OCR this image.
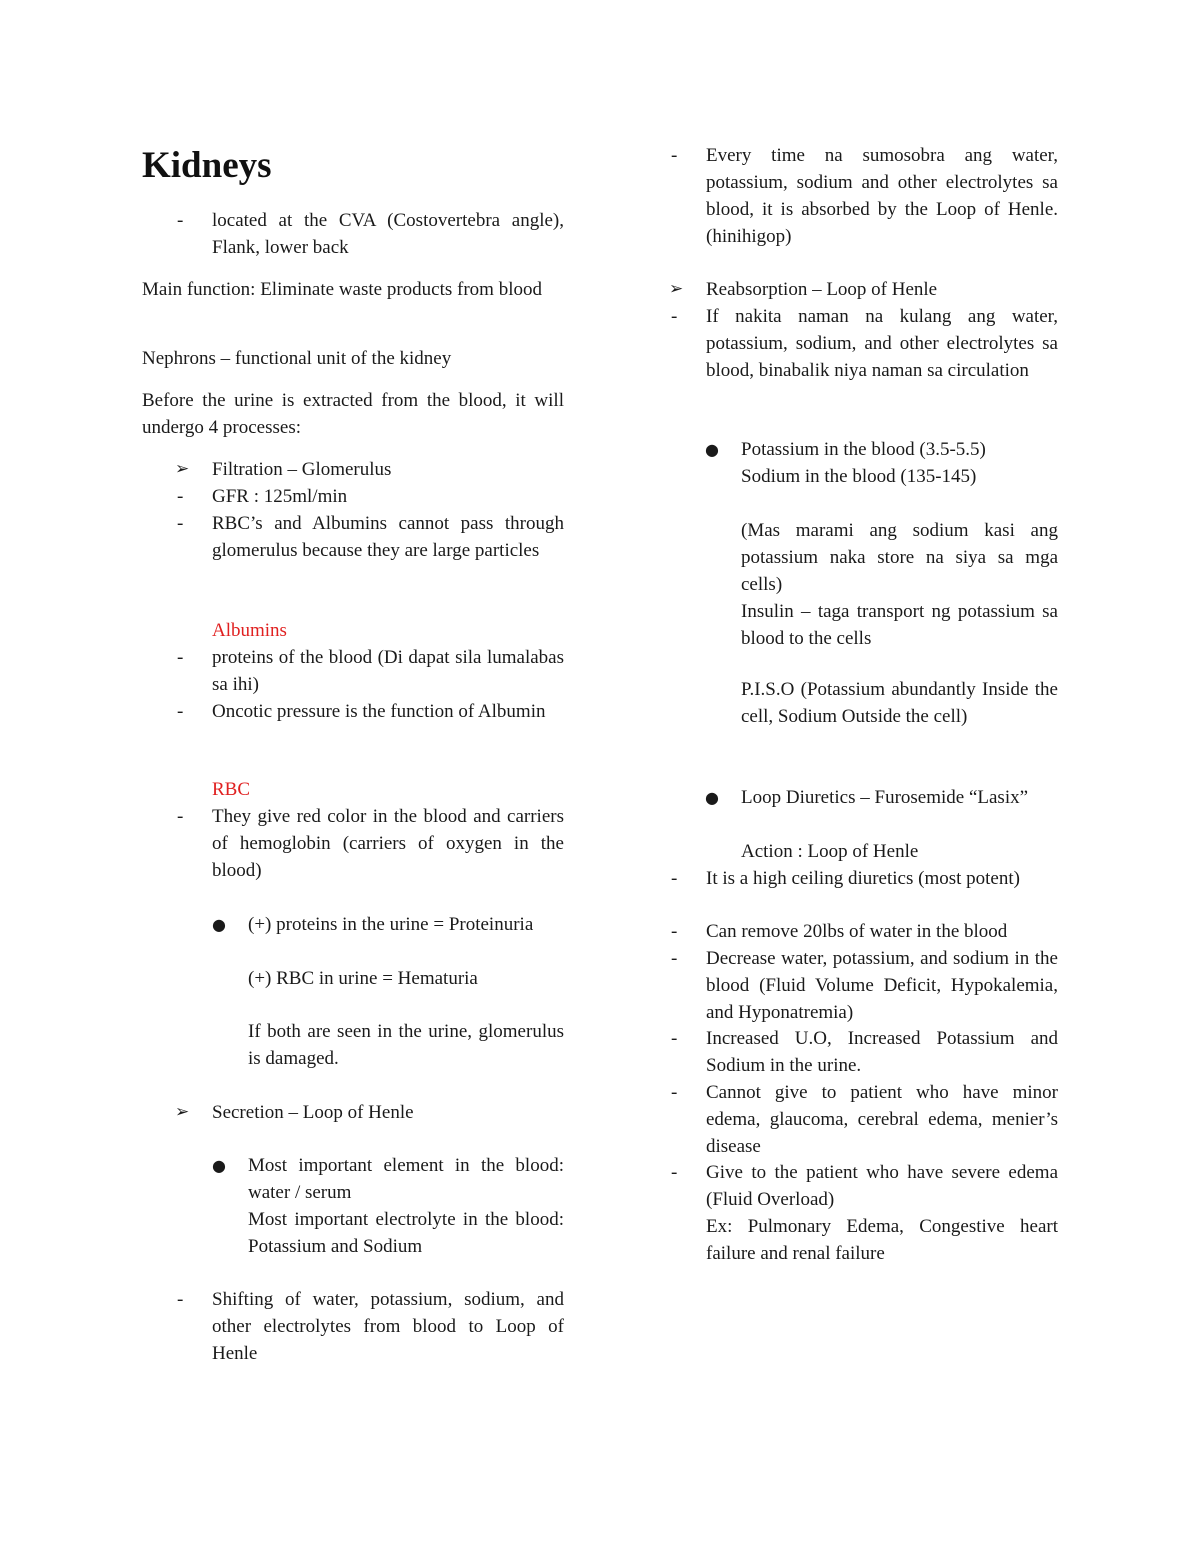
Kidneys
- located at the CVA (Costovertebra angle), Flank, lower back

Main function: Eliminate waste products from blood

Nephrons – functional unit of the kidney

Before the urine is extracted from the blood, it will undergo 4 processes:

➢ Filtration – Glomerulus
- GFR : 125ml/min
- RBC’s and Albumins cannot pass through glomerulus because they are large particles

Albumins

- proteins of the blood (Di dapat sila lumalabas sa ihi)
- Oncotic pressure is the function of Albumin

RBC

- They give red color in the blood and carriers of hemoglobin (carriers of oxygen in the blood)
● (+) proteins in the urine = Proteinuria

(+) RBC in urine = Hematuria

If both are seen in the urine, glomerulus is damaged.

➢ Secretion – Loop of Henle
● Most important element in the blood: water / serum

Most important electrolyte in the blood: Potassium and Sodium

- Shifting of water, potassium, sodium, and other electrolytes from blood to Loop of Henle
- Every time na sumosobra ang water, potassium, sodium and other electrolytes sa blood, it is absorbed by the Loop of Henle. (hinihigop)
➢ Reabsorption – Loop of Henle
- If nakita naman na kulang ang water, potassium, sodium, and other electrolytes sa blood, binabalik niya naman sa circulation
● Potassium in the blood (3.5-5.5)

Sodium in the blood (135-145)

(Mas marami ang sodium kasi ang potassium naka store na siya sa mga cells)

Insulin – taga transport ng potassium sa blood to the cells

P.I.S.O (Potassium abundantly Inside the cell, Sodium Outside the cell)

● Loop Diuretics – Furosemide “Lasix”

Action : Loop of Henle

- It is a high ceiling diuretics (most potent)
- Can remove 20lbs of water in the blood
- Decrease water, potassium, and sodium in the blood (Fluid Volume Deficit, Hypokalemia, and Hyponatremia)
- Increased U.O, Increased Potassium and Sodium in the urine.
- Cannot give to patient who have minor edema, glaucoma, cerebral edema, menier’s disease
- Give to the patient who have severe edema (Fluid Overload)

Ex: Pulmonary Edema, Congestive heart failure and renal failure
